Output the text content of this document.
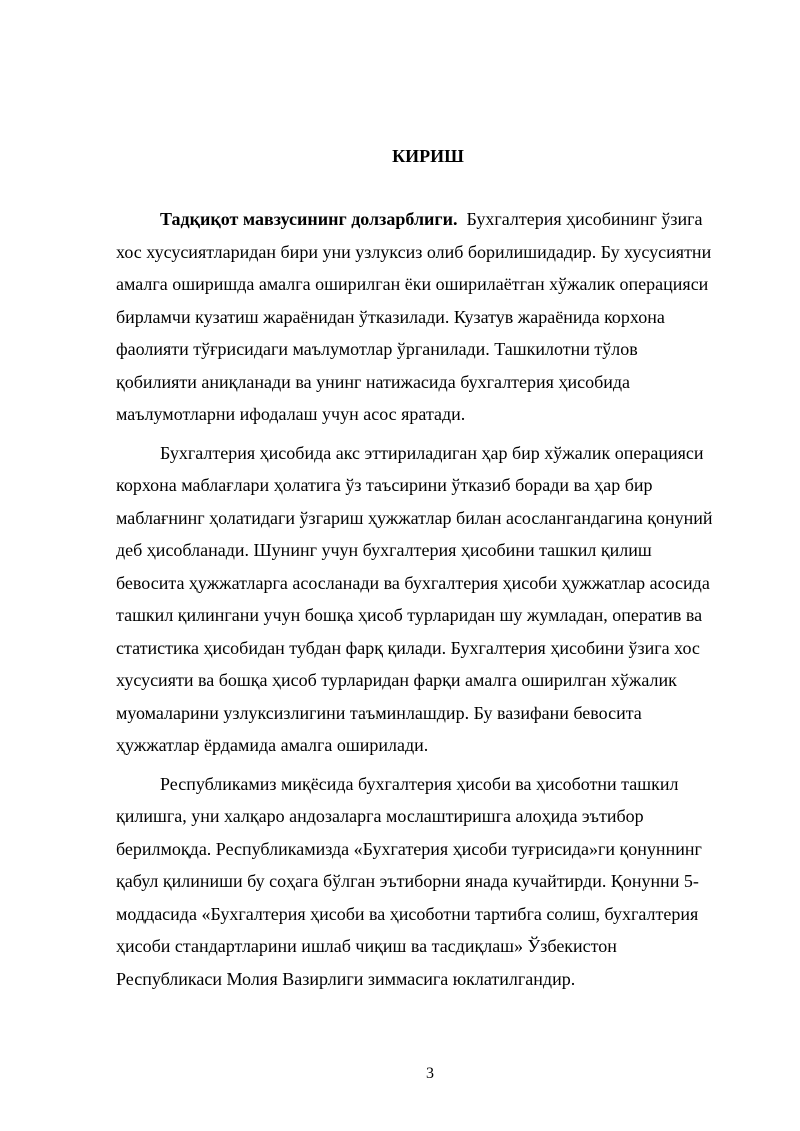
КИРИШ
Тадқиқот мавзусининг долзарблиги. Бухгалтерия ҳисобининг ўзига
хос хусусиятларидан бири уни узлуксиз олиб борилишидадир. Бу хусусиятни
амалга оширишда амалга оширилган ёки оширилаётган хўжалик операцияси
бирламчи кузатиш жараёнидан ўтказилади. Кузатув жараёнида корхона
фаолияти тўғрисидаги маълумотлар ўрганилади. Ташкилотни тўлов
қобилияти аниқланади ва унинг натижасида бухгалтерия ҳисобида
маълумотларни ифодалаш учун асос яратади.
Бухгалтерия ҳисобида акс эттириладиган ҳар бир хўжалик операцияси
корхона маблағлари ҳолатига ўз таъсирини ўтказиб боради ва ҳар бир
маблағнинг ҳолатидаги ўзгариш ҳужжатлар билан асослангандагина қонуний
деб ҳисобланади. Шунинг учун бухгалтерия ҳисобини ташкил қилиш
бевосита ҳужжатларга асосланади ва бухгалтерия ҳисоби ҳужжатлар асосида
ташкил қилингани учун бошқа ҳисоб турларидан шу жумладан, оператив ва
статистика ҳисобидан тубдан фарқ қилади. Бухгалтерия ҳисобини ўзига хос
хусусияти ва бошқа ҳисоб турларидан фарқи амалга оширилган хўжалик
муомаларини узлуксизлигини таъминлашдир. Бу вазифани бевосита
ҳужжатлар ёрдамида амалга оширилади.
Республикамиз миқёсида бухгалтерия ҳисоби ва ҳисоботни ташкил
қилишга, уни халқаро андозаларга мослаштиришга алоҳида эътибор
берилмоқда. Республикамизда «Бухгатерия ҳисоби туғрисида»ги қонуннинг
қабул қилиниши бу соҳага бўлган эътиборни янада кучайтирди. Қонунни 5-
моддасида «Бухгалтерия ҳисоби ва ҳисоботни тартибга солиш, бухгалтерия
ҳисоби стандартларини ишлаб чиқиш ва тасдиқлаш» Ўзбекистон
Республикаси Молия Вазирлиги зиммасига юклатилгандир.
3
